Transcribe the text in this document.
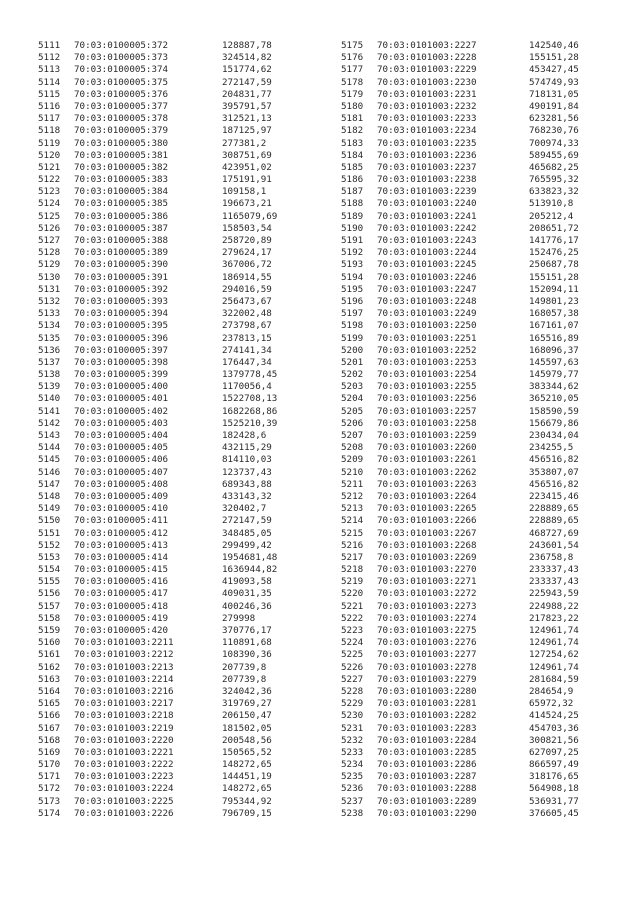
5111 70:03:0100005:372	128887,78
5112 70:03:0100005:373	324514,82
5113 70:03:0100005:374	151774,62
5114 70:03:0100005:375	272147,59
5115 70:03:0100005:376	204831,77
5116 70:03:0100005:377	395791,57
5117 70:03:0100005:378	312521,13
5118 70:03:0100005:379	187125,97
5119 70:03:0100005:380	277381,2
5120 70:03:0100005:381	308751,69
5121 70:03:0100005:382	423951,02
5122 70:03:0100005:383	175191,91
5123 70:03:0100005:384	109158,1
5124 70:03:0100005:385	196673,21
5125 70:03:0100005:386	1165079,69
5126 70:03:0100005:387	158503,54
5127 70:03:0100005:388	258720,89
5128 70:03:0100005:389	279624,17
5129 70:03:0100005:390	367006,72
5130 70:03:0100005:391	186914,55
5131 70:03:0100005:392	294016,59
5132 70:03:0100005:393	256473,67
5133 70:03:0100005:394	322002,48
5134 70:03:0100005:395	273798,67
5135 70:03:0100005:396	237813,15
5136 70:03:0100005:397	274141,34
5137 70:03:0100005:398	176447,34
5138 70:03:0100005:399	1379778,45
5139 70:03:0100005:400	1170056,4
5140 70:03:0100005:401	1522708,13
5141 70:03:0100005:402	1682268,86
5142 70:03:0100005:403	1525210,39
5143 70:03:0100005:404	182428,6
5144 70:03:0100005:405	432115,29
5145 70:03:0100005:406	814110,03
5146 70:03:0100005:407	123737,43
5147 70:03:0100005:408	689343,88
5148 70:03:0100005:409	433143,32
5149 70:03:0100005:410	320402,7
5150 70:03:0100005:411	272147,59
5151 70:03:0100005:412	348485,05
5152 70:03:0100005:413	299499,42
5153 70:03:0100005:414	1954681,48
5154 70:03:0100005:415	1636944,82
5155 70:03:0100005:416	419093,58
5156 70:03:0100005:417	409031,35
5157 70:03:0100005:418	400246,36
5158 70:03:0100005:419	279998
5159 70:03:0100005:420	370776,17
5160 70:03:0101003:2211	110891,68
5161 70:03:0101003:2212	108390,36
5162 70:03:0101003:2213	207739,8
5163 70:03:0101003:2214	207739,8
5164 70:03:0101003:2216	324042,36
5165 70:03:0101003:2217	319769,27
5166 70:03:0101003:2218	206150,47
5167 70:03:0101003:2219	181502,05
5168 70:03:0101003:2220	200548,56
5169 70:03:0101003:2221	150565,52
5170 70:03:0101003:2222	148272,65
5171 70:03:0101003:2223	144451,19
5172 70:03:0101003:2224	148272,65
5173 70:03:0101003:2225	795344,92
5174 70:03:0101003:2226	796709,15
5175 70:03:0101003:2227	142540,46
5176 70:03:0101003:2228	155151,28
5177 70:03:0101003:2229	453427,45
5178 70:03:0101003:2230	574749,93
5179 70:03:0101003:2231	718131,05
5180 70:03:0101003:2232	490191,84
5181 70:03:0101003:2233	623281,56
5182 70:03:0101003:2234	768230,76
5183 70:03:0101003:2235	700974,33
5184 70:03:0101003:2236	589455,69
5185 70:03:0101003:2237	465682,25
5186 70:03:0101003:2238	765595,32
5187 70:03:0101003:2239	633823,32
5188 70:03:0101003:2240	513910,8
5189 70:03:0101003:2241	205212,4
5190 70:03:0101003:2242	208651,72
5191 70:03:0101003:2243	141776,17
5192 70:03:0101003:2244	152476,25
5193 70:03:0101003:2245	250687,78
5194 70:03:0101003:2246	155151,28
5195 70:03:0101003:2247	152094,11
5196 70:03:0101003:2248	149801,23
5197 70:03:0101003:2249	168057,38
5198 70:03:0101003:2250	167161,07
5199 70:03:0101003:2251	165516,89
5200 70:03:0101003:2252	168096,37
5201 70:03:0101003:2253	145597,63
5202 70:03:0101003:2254	145979,77
5203 70:03:0101003:2255	383344,62
5204 70:03:0101003:2256	365210,05
5205 70:03:0101003:2257	158590,59
5206 70:03:0101003:2258	156679,86
5207 70:03:0101003:2259	230434,04
5208 70:03:0101003:2260	234255,5
5209 70:03:0101003:2261	456516,82
5210 70:03:0101003:2262	353807,07
5211 70:03:0101003:2263	456516,82
5212 70:03:0101003:2264	223415,46
5213 70:03:0101003:2265	228889,65
5214 70:03:0101003:2266	228889,65
5215 70:03:0101003:2267	468727,69
5216 70:03:0101003:2268	243601,54
5217 70:03:0101003:2269	236758,8
5218 70:03:0101003:2270	233337,43
5219 70:03:0101003:2271	233337,43
5220 70:03:0101003:2272	225943,59
5221 70:03:0101003:2273	224988,22
5222 70:03:0101003:2274	217823,22
5223 70:03:0101003:2275	124961,74
5224 70:03:0101003:2276	124961,74
5225 70:03:0101003:2277	127254,62
5226 70:03:0101003:2278	124961,74
5227 70:03:0101003:2279	281684,59
5228 70:03:0101003:2280	284654,9
5229 70:03:0101003:2281	65972,32
5230 70:03:0101003:2282	414524,25
5231 70:03:0101003:2283	454703,36
5232 70:03:0101003:2284	300821,56
5233 70:03:0101003:2285	627097,25
5234 70:03:0101003:2286	866597,49
5235 70:03:0101003:2287	318176,65
5236 70:03:0101003:2288	564908,18
5237 70:03:0101003:2289	536931,77
5238 70:03:0101003:2290	376605,45
